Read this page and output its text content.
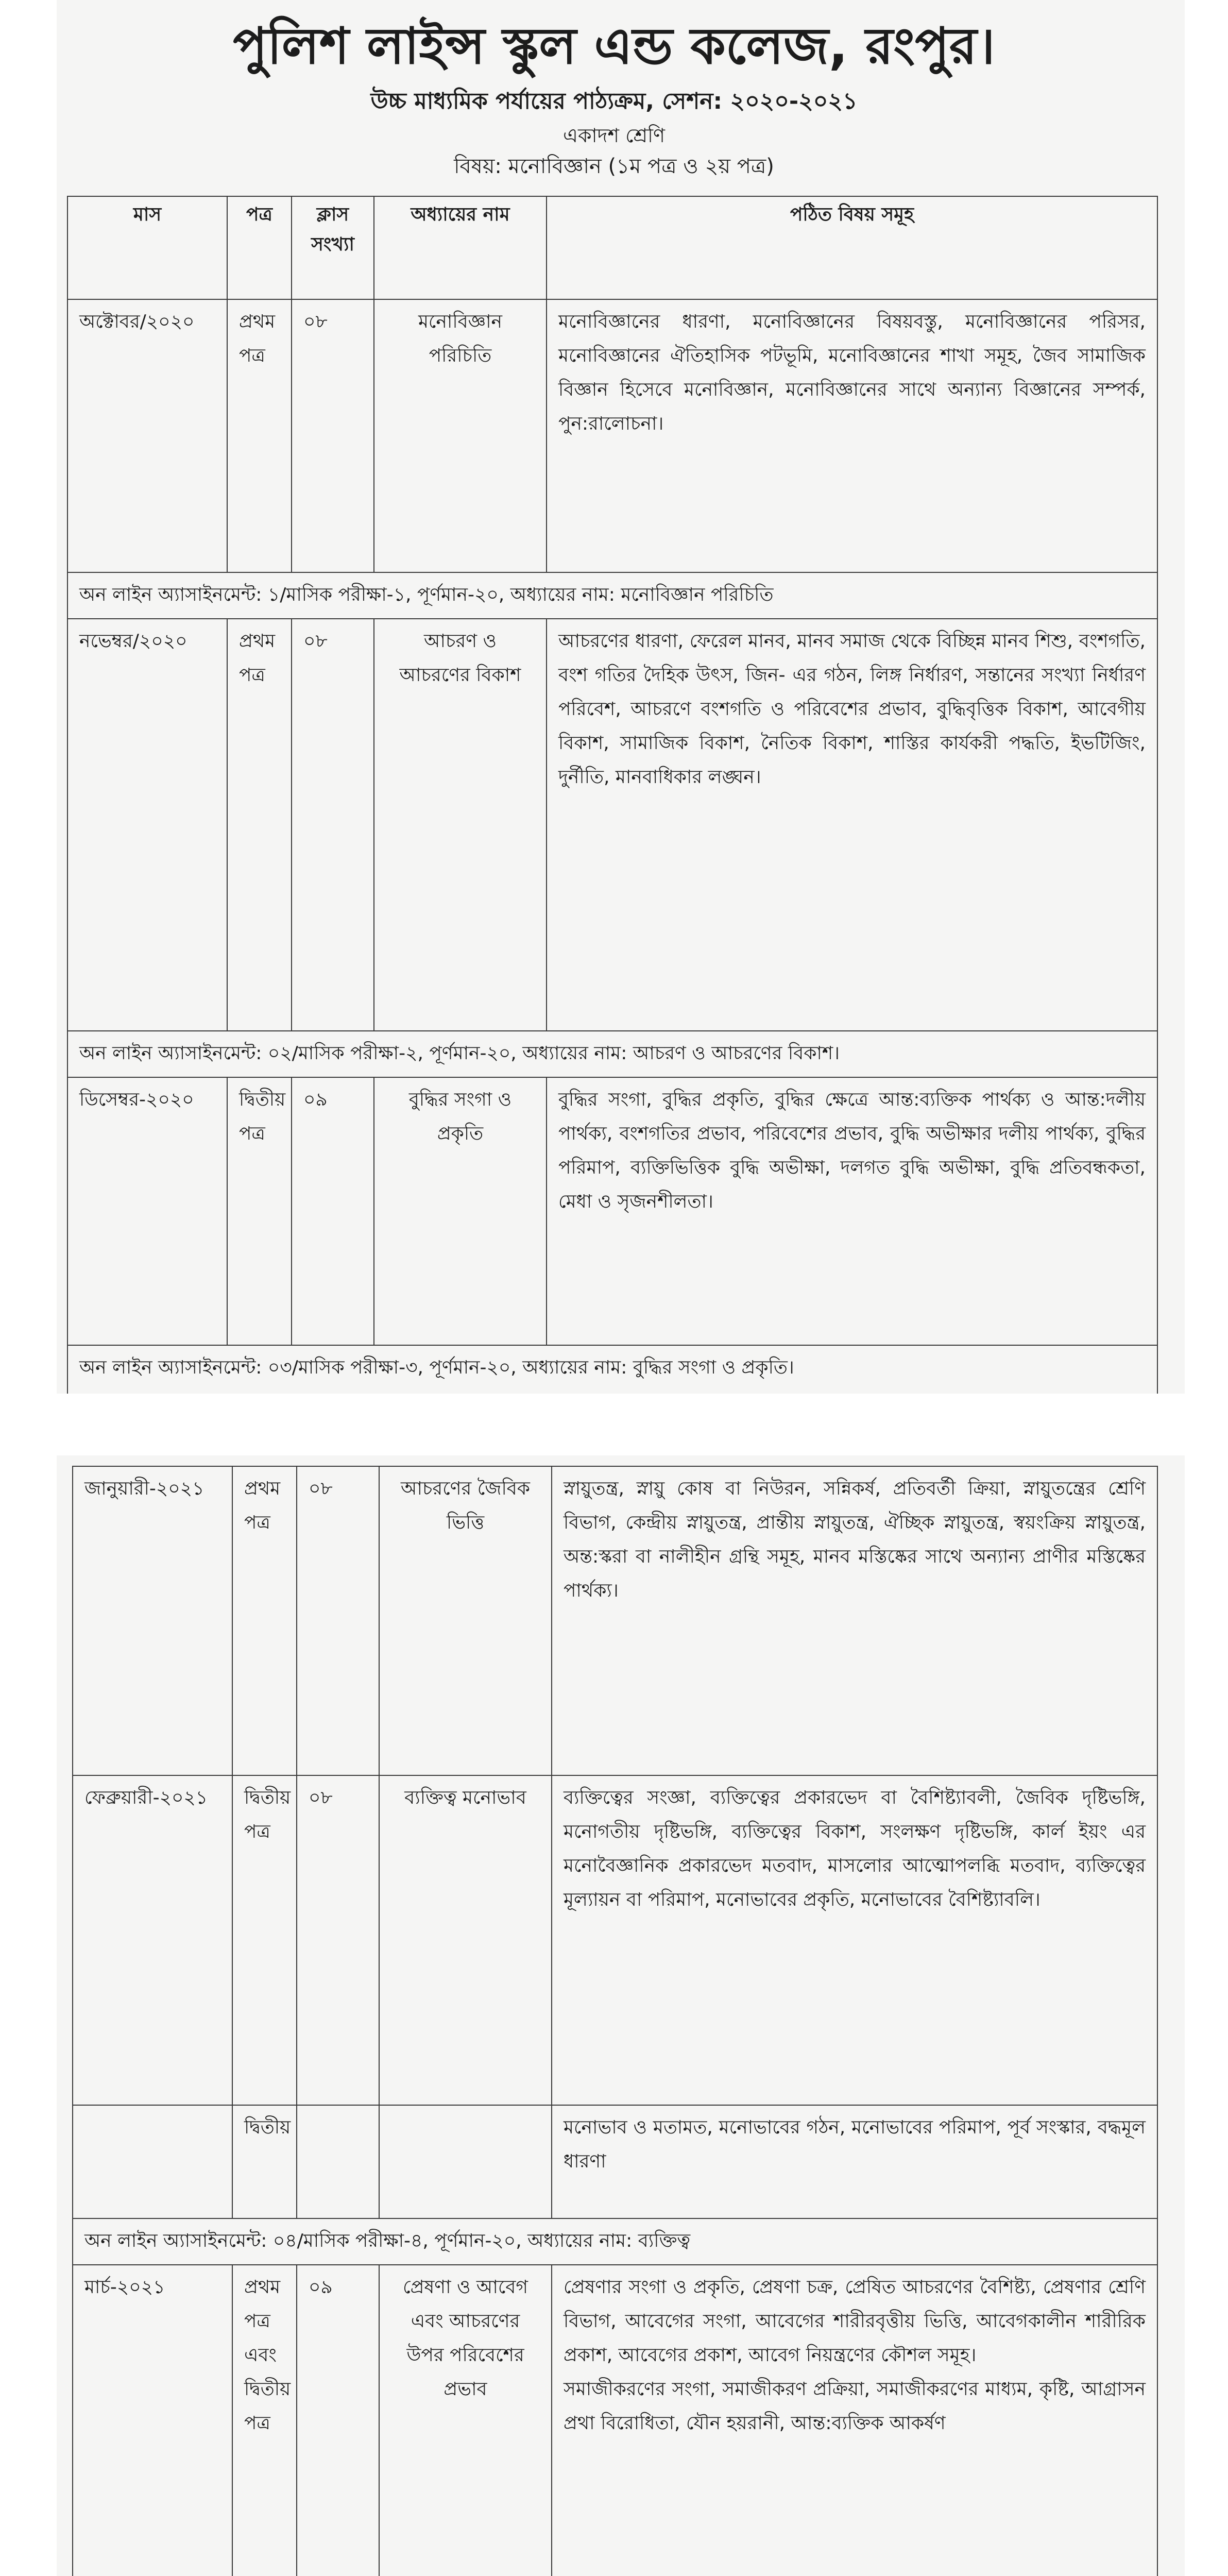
পুলিশ লাইন্স স্কুল এন্ড কলেজ, রংপুর।

উচ্চ মাধ্যমিক পর্যায়ের পাঠ্যক্রম, সেশন: ২০২০-২০২১

একাদশ শ্রেণি

বিষয়: মনোবিজ্ঞান (১ম পত্র ও ২য় পত্র)

মাস	পত্র	ক্লাস সংখ্যা	অধ্যায়ের নাম	পঠিত বিষয় সমূহ
অক্টোবর/২০২০	প্রথম পত্র	০৮	মনোবিজ্ঞান পরিচিতি	মনোবিজ্ঞানের ধারণা, মনোবিজ্ঞানের বিষয়বস্তু, মনোবিজ্ঞানের পরিসর, মনোবিজ্ঞানের ঐতিহাসিক পটভূমি, মনোবিজ্ঞানের শাখা সমূহ, জৈব সামাজিক বিজ্ঞান হিসেবে মনোবিজ্ঞান, মনোবিজ্ঞানের সাথে অন্যান্য বিজ্ঞানের সম্পর্ক, পুন:রালোচনা।
অন লাইন অ্যাসাইনমেন্ট: ১/মাসিক পরীক্ষা-১, পূর্ণমান-২০, অধ্যায়ের নাম: মনোবিজ্ঞান পরিচিতি				
নভেম্বর/২০২০	প্রথম পত্র	০৮	আচরণ ও আচরণের বিকাশ	আচরণের ধারণা, ফেরেল মানব, মানব সমাজ থেকে বিচ্ছিন্ন মানব শিশু, বংশগতি, বংশ গতির দৈহিক উৎস, জিন- এর গঠন, লিঙ্গ নির্ধারণ, সন্তানের সংখ্যা নির্ধারণ পরিবেশ, আচরণে বংশগতি ও পরিবেশের প্রভাব, বুদ্ধিবৃত্তিক বিকাশ, আবেগীয় বিকাশ, সামাজিক বিকাশ, নৈতিক বিকাশ, শাস্তির কার্যকরী পদ্ধতি, ইভটিজিং, দুর্নীতি, মানবাধিকার লঙ্ঘন।
অন লাইন অ্যাসাইনমেন্ট: ০২/মাসিক পরীক্ষা-২, পূর্ণমান-২০, অধ্যায়ের নাম: আচরণ ও আচরণের বিকাশ।				
ডিসেম্বর-২০২০	দ্বিতীয় পত্র	০৯	বুদ্ধির সংগা ও প্রকৃতি	বুদ্ধির সংগা, বুদ্ধির প্রকৃতি, বুদ্ধির ক্ষেত্রে আন্ত:ব্যক্তিক পার্থক্য ও আন্ত:দলীয় পার্থক্য, বংশগতির প্রভাব, পরিবেশের প্রভাব, বুদ্ধি অভীক্ষার দলীয় পার্থক্য, বুদ্ধির পরিমাপ, ব্যক্তিভিত্তিক বুদ্ধি অভীক্ষা, দলগত বুদ্ধি অভীক্ষা, বুদ্ধি প্রতিবন্ধকতা, মেধা ও সৃজনশীলতা।
অন লাইন অ্যাসাইনমেন্ট: ০৩/মাসিক পরীক্ষা-৩, পূর্ণমান-২০, অধ্যায়ের নাম: বুদ্ধির সংগা ও প্রকৃতি।				
জানুয়ারী-২০২১	প্রথম পত্র	০৮	আচরণের জৈবিক ভিত্তি	স্নায়ুতন্ত্র, স্নায়ু কোষ বা নিউরন, সন্নিকর্ষ, প্রতিবর্তী ক্রিয়া, স্নায়ুতন্ত্রের শ্রেণি বিভাগ, কেন্দ্রীয় স্নায়ুতন্ত্র, প্রান্তীয় স্নায়ুতন্ত্র, ঐচ্ছিক স্নায়ুতন্ত্র, স্বয়ংক্রিয় স্নায়ুতন্ত্র, অন্ত:স্করা বা নালীহীন গ্রন্থি সমূহ, মানব মস্তিষ্কের সাথে অন্যান্য প্রাণীর মস্তিষ্কের পার্থক্য।
ফেব্রুয়ারী-২০২১	দ্বিতীয় পত্র	০৮	ব্যক্তিত্ব মনোভাব	ব্যক্তিত্বের সংজ্ঞা, ব্যক্তিত্বের প্রকারভেদ বা বৈশিষ্ট্যাবলী, জৈবিক দৃষ্টিভঙ্গি, মনোগতীয় দৃষ্টিভঙ্গি, ব্যক্তিত্বের বিকাশ, সংলক্ষণ দৃষ্টিভঙ্গি, কার্ল ইয়ং এর মনোবৈজ্ঞানিক প্রকারভেদ মতবাদ, মাসলোর আত্মোপলব্ধি মতবাদ, ব্যক্তিত্বের মূল্যায়ন বা পরিমাপ, মনোভাবের প্রকৃতি, মনোভাবের বৈশিষ্ট্যাবলি।
	দ্বিতীয়			মনোভাব ও মতামত, মনোভাবের গঠন, মনোভাবের পরিমাপ, পূর্ব সংস্কার, বদ্ধমূল ধারণা
অন লাইন অ্যাসাইনমেন্ট: ০৪/মাসিক পরীক্ষা-৪, পূর্ণমান-২০, অধ্যায়ের নাম: ব্যক্তিত্ব				
মার্চ-২০২১	প্রথম পত্র এবং দ্বিতীয় পত্র	০৯	প্রেষণা ও আবেগ এবং আচরণের উপর পরিবেশের প্রভাব	প্রেষণার সংগা ও প্রকৃতি, প্রেষণা চক্র, প্রেষিত আচরণের বৈশিষ্ট্য, প্রেষণার শ্রেণি বিভাগ, আবেগের সংগা, আবেগের শারীরবৃত্তীয় ভিত্তি, আবেগকালীন শারীরিক প্রকাশ, আবেগের প্রকাশ, আবেগ নিয়ন্ত্রণের কৌশল সমূহ।
সমাজীকরণের সংগা, সমাজীকরণ প্রক্রিয়া, সমাজীকরণের মাধ্যম, কৃষ্টি, আগ্রাসন প্রথা বিরোধিতা, যৌন হয়রানী, আন্ত:ব্যক্তিক আকর্ষণ
